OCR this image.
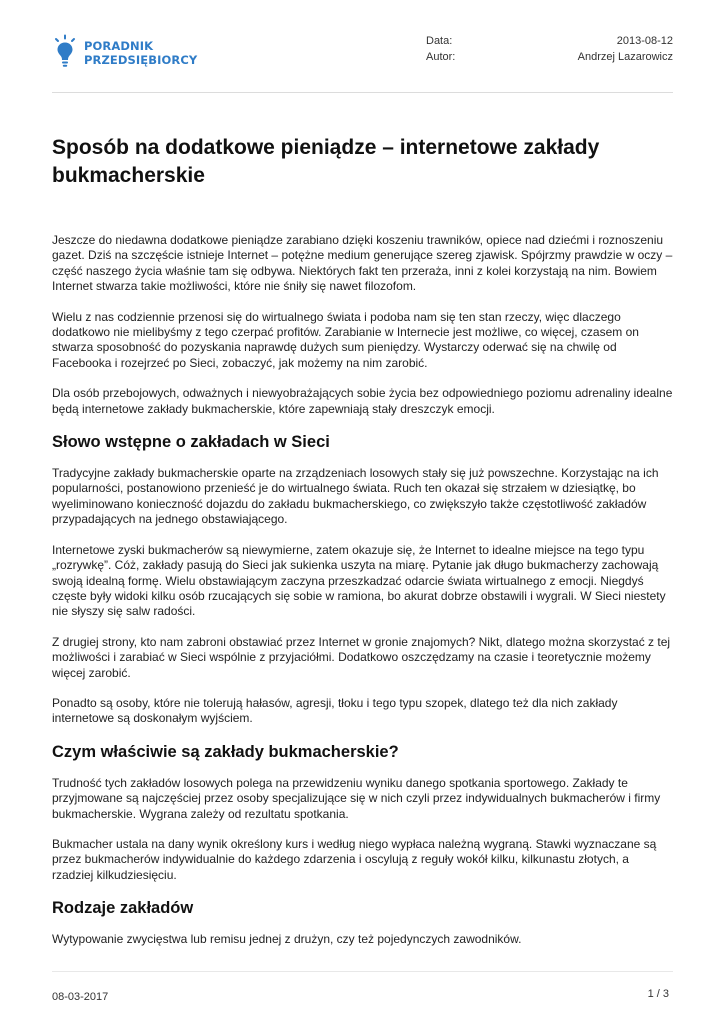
PORADNIK
PRZEDSIĘBIORCY
Data:	2013-08-12
Autor:	Andrzej Lazarowicz
Sposób na dodatkowe pieniądze – internetowe zakłady bukmacherskie

Jeszcze do niedawna dodatkowe pieniądze zarabiano dzięki koszeniu trawników, opiece nad dziećmi i roznoszeniu gazet. Dziś na szczęście istnieje Internet – potężne medium generujące szereg zjawisk. Spójrzmy prawdzie w oczy – część naszego życia właśnie tam się odbywa. Niektórych fakt ten przeraża, inni z kolei korzystają na nim. Bowiem Internet stwarza takie możliwości, które nie śniły się nawet filozofom.

Wielu z nas codziennie przenosi się do wirtualnego świata i podoba nam się ten stan rzeczy, więc dlaczego dodatkowo nie mielibyśmy z tego czerpać profitów. Zarabianie w Internecie jest możliwe, co więcej, czasem on stwarza sposobność do pozyskania naprawdę dużych sum pieniędzy. Wystarczy oderwać się na chwilę od Facebooka i rozejrzeć po Sieci, zobaczyć, jak możemy na nim zarobić.

Dla osób przebojowych, odważnych i niewyobrażających sobie życia bez odpowiedniego poziomu adrenaliny idealne będą internetowe zakłady bukmacherskie, które zapewniają stały dreszczyk emocji.

Słowo wstępne o zakładach w Sieci

Tradycyjne zakłady bukmacherskie oparte na zrządzeniach losowych stały się już powszechne. Korzystając na ich popularności, postanowiono przenieść je do wirtualnego świata. Ruch ten okazał się strzałem w dziesiątkę, bo wyeliminowano konieczność dojazdu do zakładu bukmacherskiego, co zwiększyło także częstotliwość zakładów przypadających na jednego obstawiającego.

Internetowe zyski bukmacherów są niewymierne, zatem okazuje się, że Internet to idealne miejsce na tego typu „rozrywkę”. Cóż, zakłady pasują do Sieci jak sukienka uszyta na miarę. Pytanie jak długo bukmacherzy zachowają swoją idealną formę. Wielu obstawiającym zaczyna przeszkadzać odarcie świata wirtualnego z emocji. Niegdyś częste były widoki kilku osób rzucających się sobie w ramiona, bo akurat dobrze obstawili i wygrali. W Sieci niestety nie słyszy się salw radości.

Z drugiej strony, kto nam zabroni obstawiać przez Internet w gronie znajomych? Nikt, dlatego można skorzystać z tej możliwości i zarabiać w Sieci wspólnie z przyjaciółmi. Dodatkowo oszczędzamy na czasie i teoretycznie możemy więcej zarobić.

Ponadto są osoby, które nie tolerują hałasów, agresji, tłoku i tego typu szopek, dlatego też dla nich zakłady internetowe są doskonałym wyjściem.

Czym właściwie są zakłady bukmacherskie?

Trudność tych zakładów losowych polega na przewidzeniu wyniku danego spotkania sportowego. Zakłady te przyjmowane są najczęściej przez osoby specjalizujące się w nich czyli przez indywidualnych bukmacherów i firmy bukmacherskie. Wygrana zależy od rezultatu spotkania.

Bukmacher ustala na dany wynik określony kurs i według niego wypłaca należną wygraną. Stawki wyznaczane są przez bukmacherów indywidualnie do każdego zdarzenia i oscylują z reguły wokół kilku, kilkunastu złotych, a rzadziej kilkudziesięciu.

Rodzaje zakładów

Wytypowanie zwycięstwa lub remisu jednej z drużyn, czy też pojedynczych zawodników.

08-03-2017	1 / 3
